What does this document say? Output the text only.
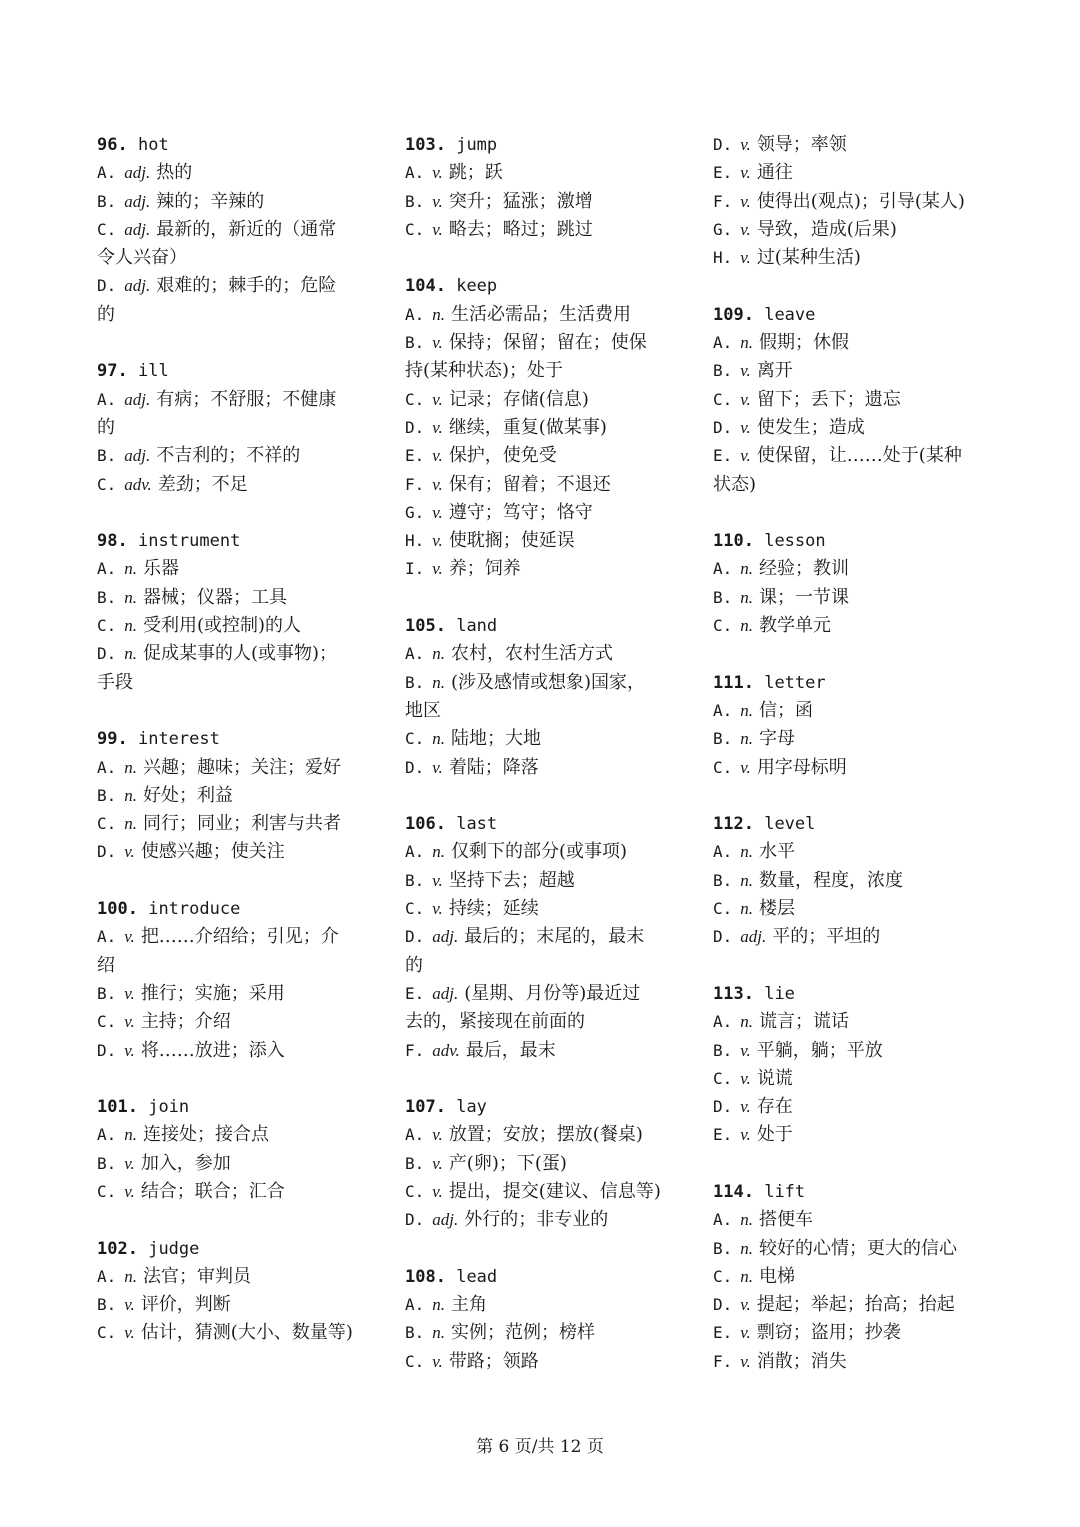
96. hot
A. adj. 热的
B. adj. 辣的；辛辣的
C. adj. 最新的，新近的（通常
令人兴奋）
D. adj. 艰难的；棘手的；危险
的
97. ill
A. adj. 有病；不舒服；不健康
的
B. adj. 不吉利的；不祥的
C. adv. 差劲；不足
98. instrument
A. n. 乐器
B. n. 器械；仪器；工具
C. n. 受利用(或控制)的人
D. n. 促成某事的人(或事物)；
手段
99. interest
A. n. 兴趣；趣味；关注；爱好
B. n. 好处；利益
C. n. 同行；同业；利害与共者
D. v. 使感兴趣；使关注
100. introduce
A. v. 把……介绍给；引见；介
绍
B. v. 推行；实施；采用
C. v. 主持；介绍
D. v. 将……放进；添入
101. join
A. n. 连接处；接合点
B. v. 加入，参加
C. v. 结合；联合；汇合
102. judge
A. n. 法官；审判员
B. v. 评价，判断
C. v. 估计，猜测(大小、数量等)
103. jump
A. v. 跳；跃
B. v. 突升；猛涨；激增
C. v. 略去；略过；跳过
104. keep
A. n. 生活必需品；生活费用
B. v. 保持；保留；留在；使保
持(某种状态)；处于
C. v. 记录；存储(信息)
D. v. 继续，重复(做某事)
E. v. 保护，使免受
F. v. 保有；留着；不退还
G. v. 遵守；笃守；恪守
H. v. 使耽搁；使延误
I. v. 养；饲养
105. land
A. n. 农村，农村生活方式
B. n. (涉及感情或想象)国家，
地区
C. n. 陆地；大地
D. v. 着陆；降落
106. last
A. n. 仅剩下的部分(或事项)
B. v. 坚持下去；超越
C. v. 持续；延续
D. adj. 最后的；末尾的，最末
的
E. adj. (星期、月份等)最近过
去的，紧接现在前面的
F. adv. 最后，最末
107. lay
A. v. 放置；安放；摆放(餐桌)
B. v. 产(卵)；下(蛋)
C. v. 提出，提交(建议、信息等)
D. adj. 外行的；非专业的
108. lead
A. n. 主角
B. n. 实例；范例；榜样
C. v. 带路；领路
D. v. 领导；率领
E. v. 通往
F. v. 使得出(观点)；引导(某人)
G. v. 导致，造成(后果)
H. v. 过(某种生活)
109. leave
A. n. 假期；休假
B. v. 离开
C. v. 留下；丢下；遗忘
D. v. 使发生；造成
E. v. 使保留，让……处于(某种
状态)
110. lesson
A. n. 经验；教训
B. n. 课；一节课
C. n. 教学单元
111. letter
A. n. 信；函
B. n. 字母
C. v. 用字母标明
112. level
A. n. 水平
B. n. 数量，程度，浓度
C. n. 楼层
D. adj. 平的；平坦的
113. lie
A. n. 谎言；谎话
B. v. 平躺，躺；平放
C. v. 说谎
D. v. 存在
E. v. 处于
114. lift
A. n. 搭便车
B. n. 较好的心情；更大的信心
C. n. 电梯
D. v. 提起；举起；抬高；抬起
E. v. 剽窃；盗用；抄袭
F. v. 消散；消失
第 6 页/共 12 页
